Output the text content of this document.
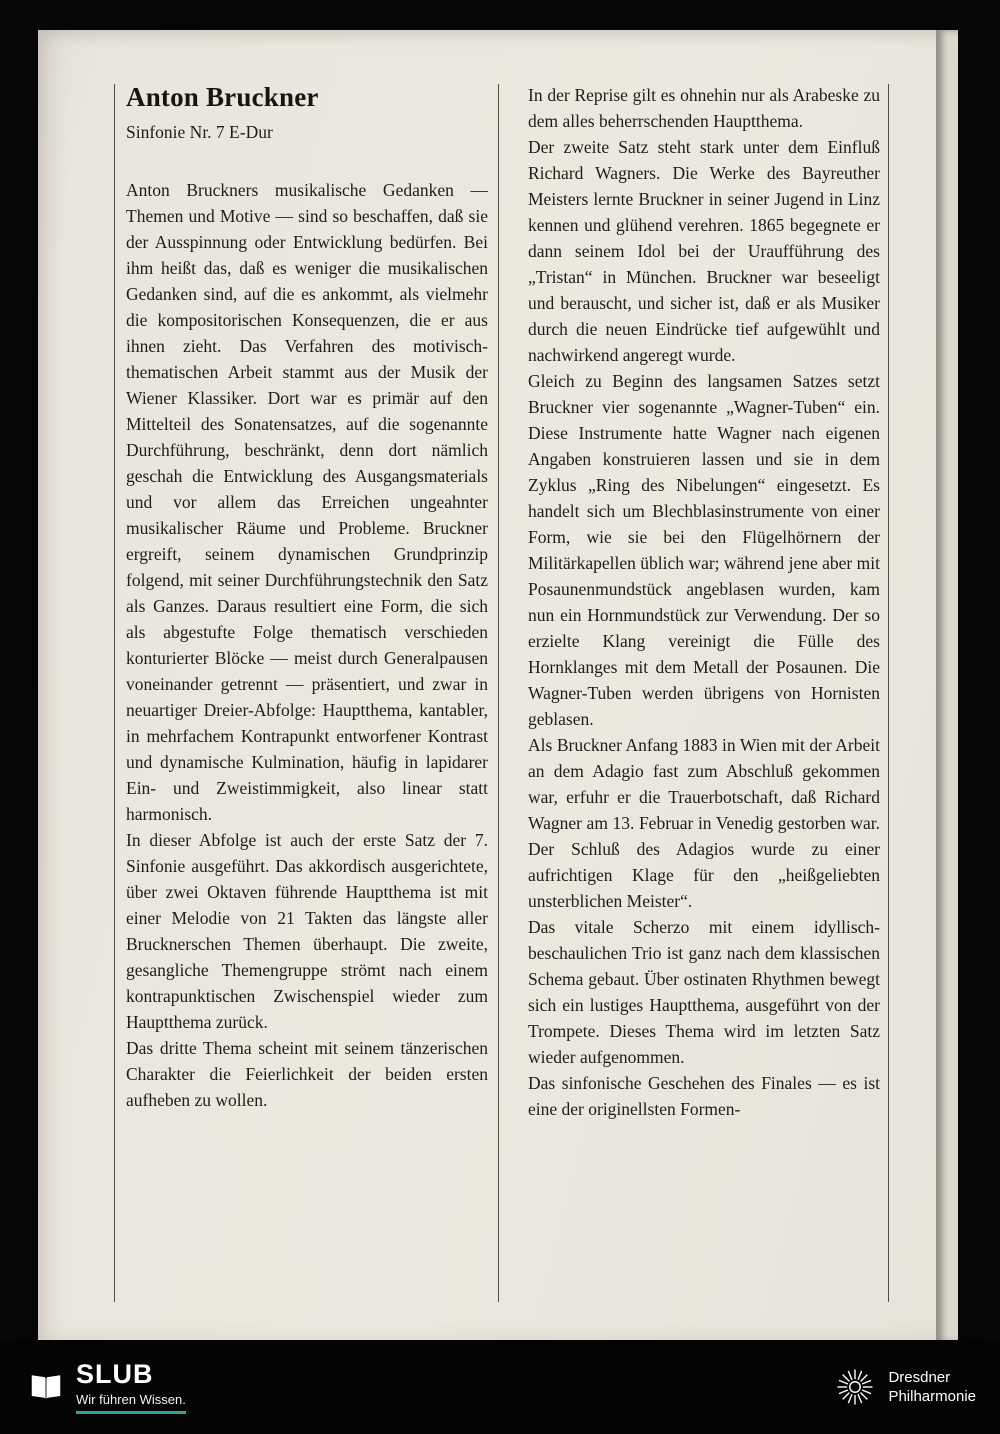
Anton Bruckner
Sinfonie Nr. 7 E-Dur

Anton Bruckners musikalische Gedanken — Themen und Motive — sind so beschaffen, daß sie der Ausspinnung oder Entwicklung bedürfen. Bei ihm heißt das, daß es weniger die musikalischen Gedanken sind, auf die es ankommt, als vielmehr die kompositorischen Konsequenzen, die er aus ihnen zieht. Das Verfahren des motivisch-thematischen Arbeit stammt aus der Musik der Wiener Klassiker. Dort war es primär auf den Mittelteil des Sonatensatzes, auf die sogenannte Durchführung, beschränkt, denn dort nämlich geschah die Entwicklung des Ausgangsmaterials und vor allem das Erreichen ungeahnter musikalischer Räume und Probleme. Bruckner ergreift, seinem dynamischen Grundprinzip folgend, mit seiner Durchführungstechnik den Satz als Ganzes. Daraus resultiert eine Form, die sich als abgestufte Folge thematisch verschieden konturierter Blöcke — meist durch Generalpausen voneinander getrennt — präsentiert, und zwar in neuartiger Dreier-Abfolge: Hauptthema, kantabler, in mehrfachem Kontrapunkt entworfener Kontrast und dynamische Kulmination, häufig in lapidarer Ein- und Zweistimmigkeit, also linear statt harmonisch.

In dieser Abfolge ist auch der erste Satz der 7. Sinfonie ausgeführt. Das akkordisch ausgerichtete, über zwei Oktaven führende Hauptthema ist mit einer Melodie von 21 Takten das längste aller Brucknerschen Themen überhaupt. Die zweite, gesangliche Themengruppe strömt nach einem kontrapunktischen Zwischenspiel wieder zum Hauptthema zurück.

Das dritte Thema scheint mit seinem tänzerischen Charakter die Feierlichkeit der beiden ersten aufheben zu wollen.

In der Reprise gilt es ohnehin nur als Arabeske zu dem alles beherrschenden Hauptthema.

Der zweite Satz steht stark unter dem Einfluß Richard Wagners. Die Werke des Bayreuther Meisters lernte Bruckner in seiner Jugend in Linz kennen und glühend verehren. 1865 begegnete er dann seinem Idol bei der Uraufführung des „Tristan“ in München. Bruckner war beseeligt und berauscht, und sicher ist, daß er als Musiker durch die neuen Eindrücke tief aufgewühlt und nachwirkend angeregt wurde.

Gleich zu Beginn des langsamen Satzes setzt Bruckner vier sogenannte „Wagner-Tuben“ ein. Diese Instrumente hatte Wagner nach eigenen Angaben konstruieren lassen und sie in dem Zyklus „Ring des Nibelungen“ eingesetzt. Es handelt sich um Blechblasinstrumente von einer Form, wie sie bei den Flügelhörnern der Militärkapellen üblich war; während jene aber mit Posaunenmundstück angeblasen wurden, kam nun ein Hornmundstück zur Verwendung. Der so erzielte Klang vereinigt die Fülle des Hornklanges mit dem Metall der Posaunen. Die Wagner-Tuben werden übrigens von Hornisten geblasen.

Als Bruckner Anfang 1883 in Wien mit der Arbeit an dem Adagio fast zum Abschluß gekommen war, erfuhr er die Trauerbotschaft, daß Richard Wagner am 13. Februar in Venedig gestorben war. Der Schluß des Adagios wurde zu einer aufrichtigen Klage für den „heißgeliebten unsterblichen Meister“.

Das vitale Scherzo mit einem idyllisch-beschaulichen Trio ist ganz nach dem klassischen Schema gebaut. Über ostinaten Rhythmen bewegt sich ein lustiges Hauptthema, ausgeführt von der Trompete. Dieses Thema wird im letzten Satz wieder aufgenommen.

Das sinfonische Geschehen des Finales — es ist eine der originellsten Formen-

SLUB
Wir führen Wissen.
Dresdner
Philharmonie
